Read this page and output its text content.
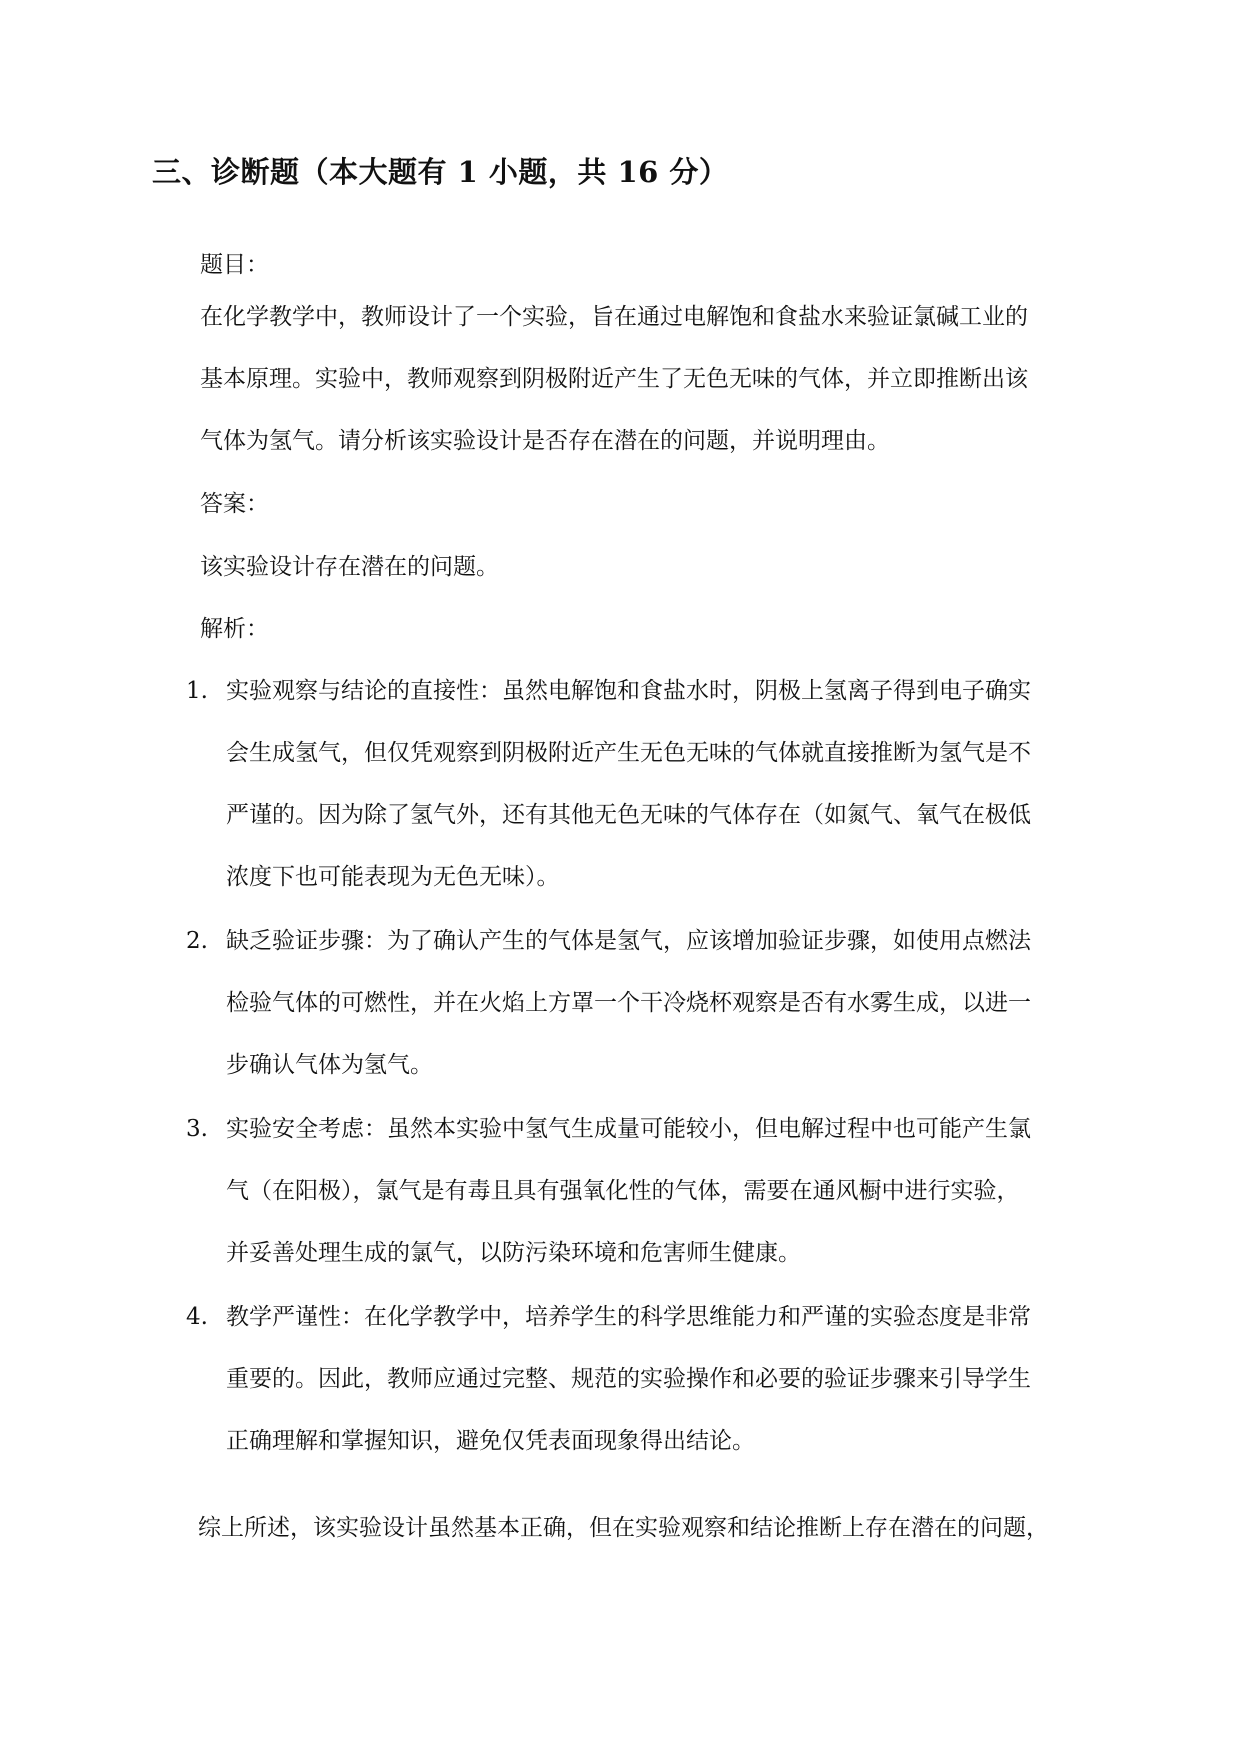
三、诊断题（本大题有 1 小题，共 16 分）
题目：
在化学教学中，教师设计了一个实验，旨在通过电解饱和食盐水来验证氯碱工业的
基本原理。实验中，教师观察到阴极附近产生了无色无味的气体，并立即推断出该
气体为氢气。请分析该实验设计是否存在潜在的问题，并说明理由。
答案：
该实验设计存在潜在的问题。
解析：
1. 实验观察与结论的直接性：虽然电解饱和食盐水时，阴极上氢离子得到电子确实
会生成氢气，但仅凭观察到阴极附近产生无色无味的气体就直接推断为氢气是不
严谨的。因为除了氢气外，还有其他无色无味的气体存在（如氮气、氧气在极低
浓度下也可能表现为无色无味）。
2. 缺乏验证步骤：为了确认产生的气体是氢气，应该增加验证步骤，如使用点燃法
检验气体的可燃性，并在火焰上方罩一个干冷烧杯观察是否有水雾生成，以进一
步确认气体为氢气。
3. 实验安全考虑：虽然本实验中氢气生成量可能较小，但电解过程中也可能产生氯
气（在阳极），氯气是有毒且具有强氧化性的气体，需要在通风橱中进行实验，
并妥善处理生成的氯气，以防污染环境和危害师生健康。
4. 教学严谨性：在化学教学中，培养学生的科学思维能力和严谨的实验态度是非常
重要的。因此，教师应通过完整、规范的实验操作和必要的验证步骤来引导学生
正确理解和掌握知识，避免仅凭表面现象得出结论。
综上所述，该实验设计虽然基本正确，但在实验观察和结论推断上存在潜在的问题，
